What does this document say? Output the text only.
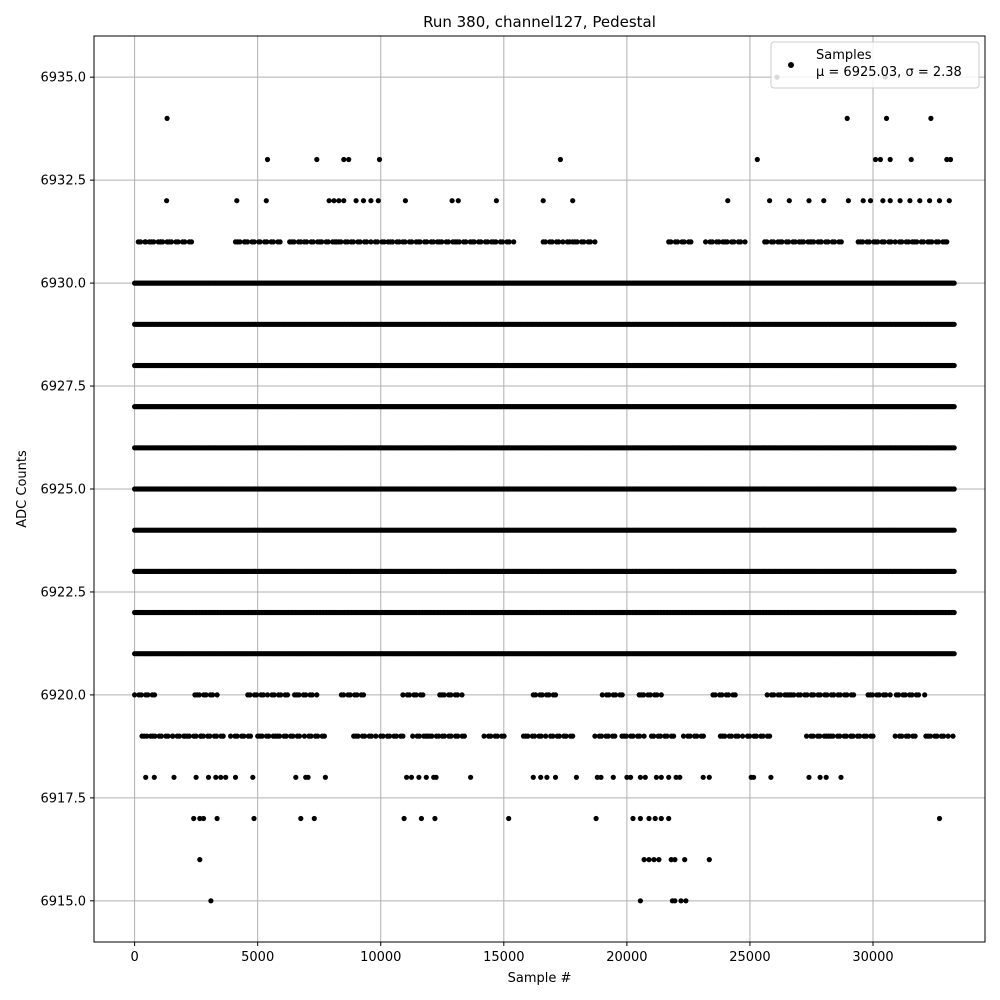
0	5000	10000	15000	20000	25000	30000
6915.0
6917.5
6920.0
6922.5
6925.0
6927.5
6930.0
6932.5
6935.0
Run 380, channel127, Pedestal
Sample #
ADC Counts
Samples
μ = 6925.03, σ = 2.38
